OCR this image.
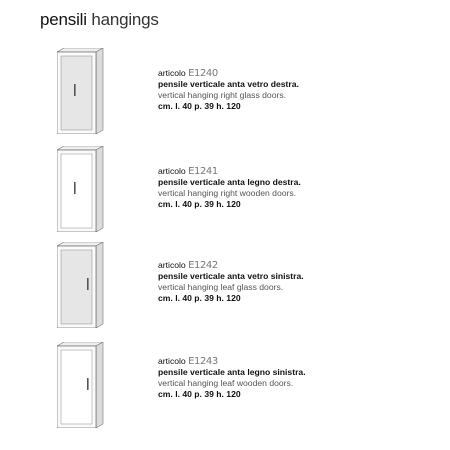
pensili hangings
articolo E1240
pensile verticale anta vetro destra.
vertical hanging right glass doors.
cm. l. 40 p. 39 h. 120
articolo E1241
pensile verticale anta legno destra.
vertical hanging right wooden doors.
cm. l. 40 p. 39 h. 120
articolo E1242
pensile verticale anta vetro sinistra.
vertical hanging leaf glass doors.
cm. l. 40 p. 39 h. 120
articolo E1243
pensile verticale anta legno sinistra.
vertical hanging leaf wooden doors.
cm. l. 40 p. 39 h. 120
